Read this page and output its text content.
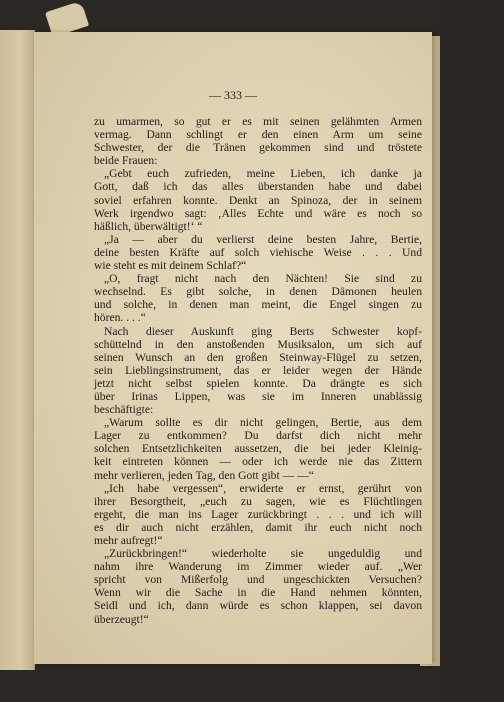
— 333 —

zu umarmen, so gut er es mit seinen gelähmten Armen
vermag. Dann schlingt er den einen Arm um seine
Schwester, der die Tränen gekommen sind und tröstete
beide Frauen:
„Gebt euch zufrieden, meine Lieben, ich danke ja
Gott, daß ich das alles überstanden habe und dabei
soviel erfahren konnte. Denkt an Spinoza, der in seinem
Werk irgendwo sagt: ‚Alles Echte und wäre es noch so
häßlich, überwältigt!‘ “
„Ja — aber du verlierst deine besten Jahre, Bertie,
deine besten Kräfte auf solch viehische Weise . . . Und
wie steht es mit deinem Schlaf?“
„O, fragt nicht nach den Nächten! Sie sind zu
wechselnd. Es gibt solche, in denen Dämonen heulen
und solche, in denen man meint, die Engel singen zu
hören. . . .“
Nach dieser Auskunft ging Berts Schwester kopf-
schüttelnd in den anstoßenden Musiksalon, um sich auf
seinen Wunsch an den großen Steinway-Flügel zu setzen,
sein Lieblingsinstrument, das er leider wegen der Hände
jetzt nicht selbst spielen konnte. Da drängte es sich
über Irinas Lippen, was sie im Inneren unablässig
beschäftigte:
„Warum sollte es dir nicht gelingen, Bertie, aus dem
Lager zu entkommen? Du darfst dich nicht mehr
solchen Entsetzlichkeiten aussetzen, die bei jeder Kleinig-
keit eintreten können — oder ich werde nie das Zittern
mehr verlieren, jeden Tag, den Gott gibt — —“
„Ich habe vergessen“, erwiderte er ernst, gerührt von
ihrer Besorgtheit, „euch zu sagen, wie es Flüchtlingen
ergeht, die man ins Lager zurückbringt . . . und ich will
es dir auch nicht erzählen, damit ihr euch nicht noch
mehr aufregt!“
„Zurückbringen!“ wiederholte sie ungeduldig und
nahm ihre Wanderung im Zimmer wieder auf. „Wer
spricht von Mißerfolg und ungeschickten Versuchen?
Wenn wir die Sache in die Hand nehmen könnten,
Seidl und ich, dann würde es schon klappen, sei davon
überzeugt!“
